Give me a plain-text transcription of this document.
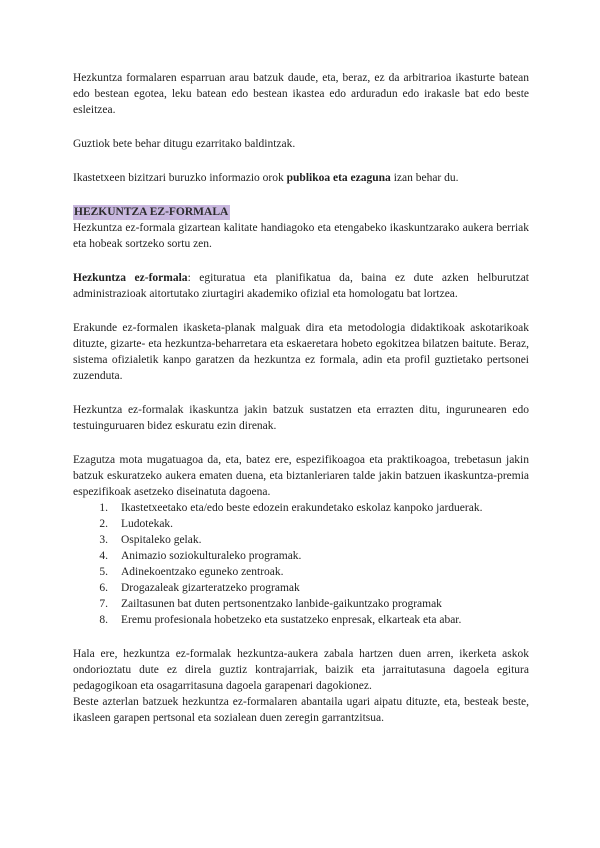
Hezkuntza formalaren esparruan arau batzuk daude, eta, beraz, ez da arbitrarioa ikasturte batean edo bestean egotea, leku batean edo bestean ikastea edo arduradun edo irakasle bat edo beste esleitzea.

Guztiok bete behar ditugu ezarritako baldintzak.

Ikastetxeen bizitzari buruzko informazio orok publikoa eta ezaguna izan behar du.

HEZKUNTZA EZ-FORMALA

Hezkuntza ez-formala gizartean kalitate handiagoko eta etengabeko ikaskuntzarako aukera berriak eta hobeak sortzeko sortu zen.

Hezkuntza ez-formala: egituratua eta planifikatua da, baina ez dute azken helburutzat administrazioak aitortutako ziurtagiri akademiko ofizial eta homologatu bat lortzea.

Erakunde ez-formalen ikasketa-planak malguak dira eta metodologia didaktikoak askotarikoak dituzte, gizarte- eta hezkuntza-beharretara eta eskaeretara hobeto egokitzea bilatzen baitute. Beraz, sistema ofizialetik kanpo garatzen da hezkuntza ez formala, adin eta profil guztietako pertsonei zuzenduta.

Hezkuntza ez-formalak ikaskuntza jakin batzuk sustatzen eta errazten ditu, ingurunearen edo testuinguruaren bidez eskuratu ezin direnak.

Ezagutza mota mugatuagoa da, eta, batez ere, espezifikoagoa eta praktikoagoa, trebetasun jakin batzuk eskuratzeko aukera ematen duena, eta biztanleriaren talde jakin batzuen ikaskuntza-premia espezifikoak asetzeko diseinatuta dagoena.

1. Ikastetxeetako eta/edo beste edozein erakundetako eskolaz kanpoko jarduerak.
2. Ludotekak.
3. Ospitaleko gelak.
4. Animazio soziokulturaleko programak.
5. Adinekoentzako eguneko zentroak.
6. Drogazaleak gizarteratzeko programak
7. Zailtasunen bat duten pertsonentzako lanbide-gaikuntzako programak
8. Eremu profesionala hobetzeko eta sustatzeko enpresak, elkarteak eta abar.

Hala ere, hezkuntza ez-formalak hezkuntza-aukera zabala hartzen duen arren, ikerketa askok ondorioztatu dute ez direla guztiz kontrajarriak, baizik eta jarraitutasuna dagoela egitura pedagogikoan eta osagarritasuna dagoela garapenari dagokionez.

Beste azterlan batzuek hezkuntza ez-formalaren abantaila ugari aipatu dituzte, eta, besteak beste, ikasleen garapen pertsonal eta sozialean duen zeregin garrantzitsua.
